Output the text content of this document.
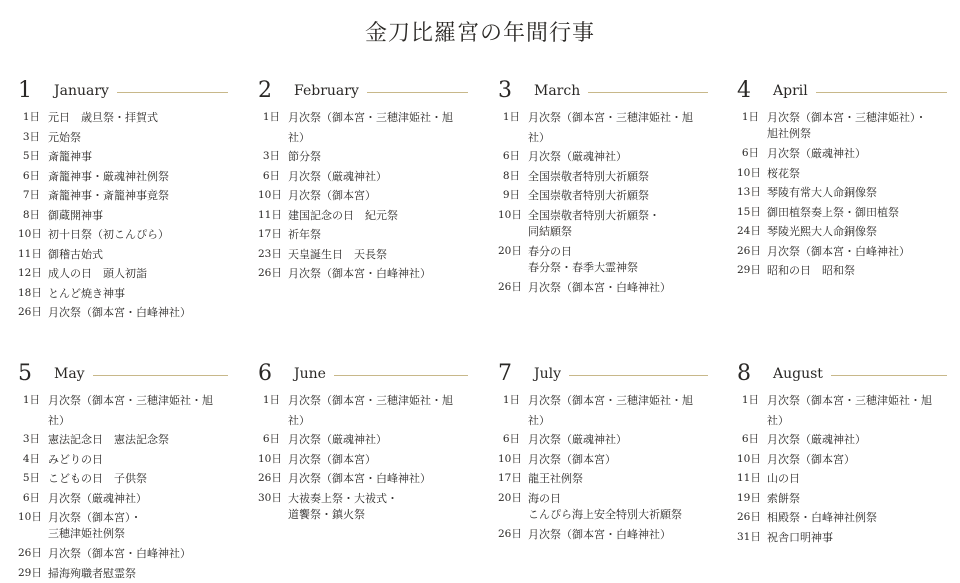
金刀比羅宮の年間行事
1	January
1日 元日　歳旦祭・拝賀式
3日 元始祭
5日 斎籠神事
6日 斎籠神事・厳魂神社例祭
7日 斎籠神事・斎籠神事竟祭
8日 御蔵開神事
10日 初十日祭（初こんぴら）
11日 御稽古始式
12日 成人の日　頭人初詣
18日 とんど焼き神事
26日 月次祭（御本宮・白峰神社）
2	February
1日 月次祭（御本宮・三穂津姫社・旭社）
3日 節分祭
6日 月次祭（厳魂神社）
10日 月次祭（御本宮）
11日 建国記念の日　紀元祭
17日 祈年祭
23日 天皇誕生日　天長祭
26日 月次祭（御本宮・白峰神社）
3	March
1日 月次祭（御本宮・三穂津姫社・旭社）
6日 月次祭（厳魂神社）
8日 全国崇敬者特別大祈願祭
9日 全国崇敬者特別大祈願祭
10日 全国崇敬者特別大祈願祭・
同結願祭
20日 春分の日
春分祭・春季大霊神祭
26日 月次祭（御本宮・白峰神社）
4	April
1日 月次祭（御本宮・三穂津姫社）・
旭社例祭
6日 月次祭（厳魂神社）
10日 桜花祭
13日 琴陵有常大人命銅像祭
15日 御田植祭奏上祭・御田植祭
24日 琴陵光熙大人命銅像祭
26日 月次祭（御本宮・白峰神社）
29日 昭和の日　昭和祭
5	May
1日 月次祭（御本宮・三穂津姫社・旭社）
3日 憲法記念日　憲法記念祭
4日 みどりの日
5日 こどもの日　子供祭
6日 月次祭（厳魂神社）
10日 月次祭（御本宮）・
三穂津姫社例祭
26日 月次祭（御本宮・白峰神社）
29日 掃海殉職者慰霊祭
6	June
1日 月次祭（御本宮・三穂津姫社・旭社）
6日 月次祭（厳魂神社）
10日 月次祭（御本宮）
26日 月次祭（御本宮・白峰神社）
30日 大祓奏上祭・大祓式・
道饗祭・鎮火祭
7	July
1日 月次祭（御本宮・三穂津姫社・旭社）
6日 月次祭（厳魂神社）
10日 月次祭（御本宮）
17日 龍王社例祭
20日 海の日
こんぴら海上安全特別大祈願祭
26日 月次祭（御本宮・白峰神社）
8	August
1日 月次祭（御本宮・三穂津姫社・旭社）
6日 月次祭（厳魂神社）
10日 月次祭（御本宮）
11日 山の日
19日 索餅祭
26日 相殿祭・白峰神社例祭
31日 祝舎口明神事
